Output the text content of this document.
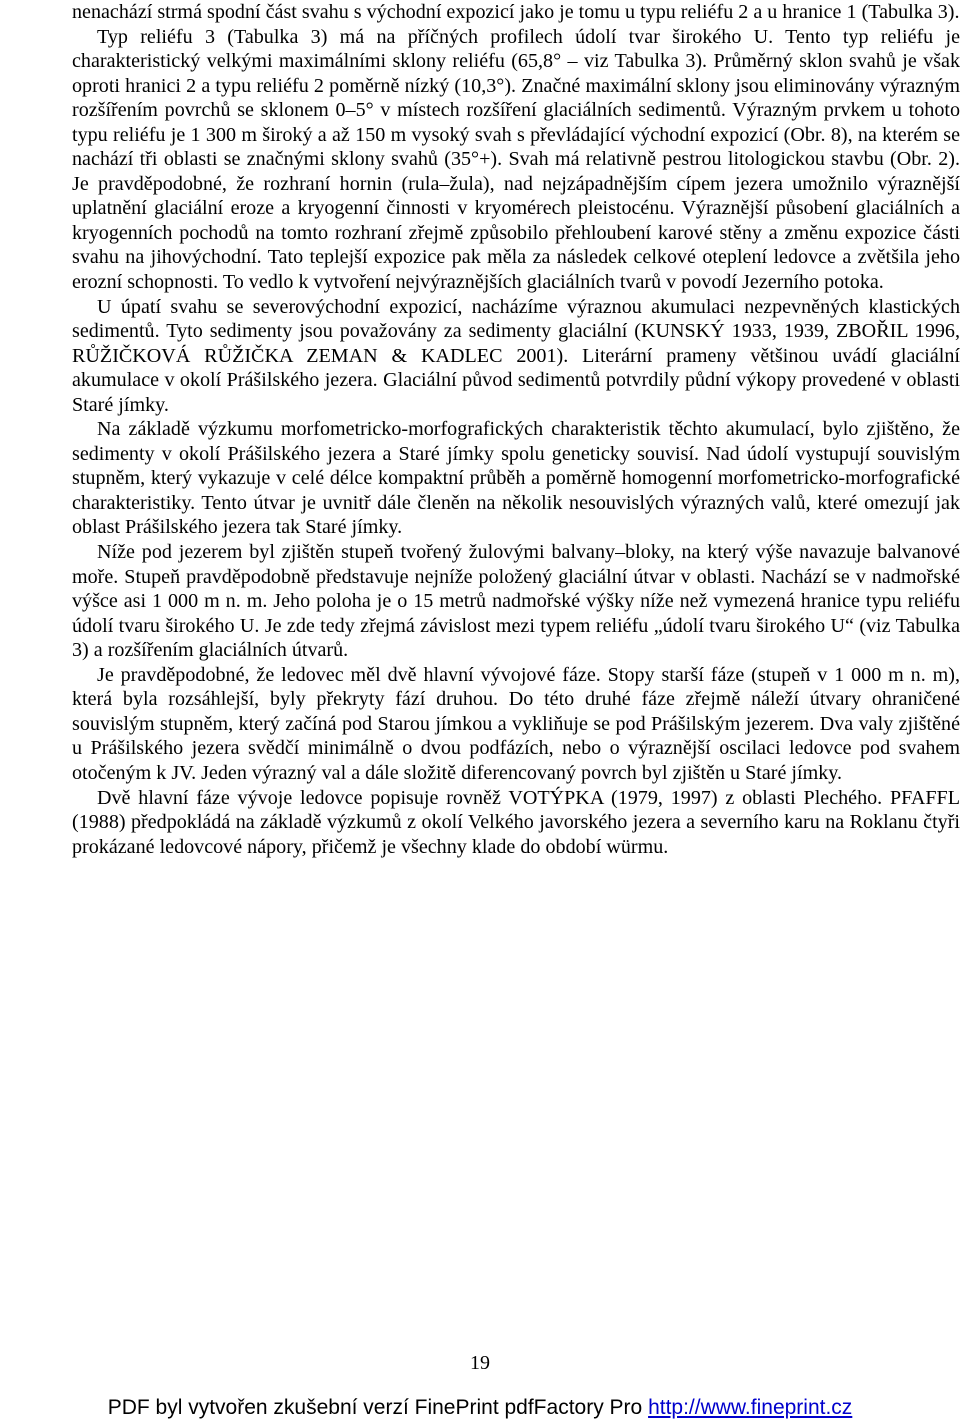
nenachází strmá spodní část svahu s východní expozicí jako je tomu u typu reliéfu 2 a u hranice 1 (Tabulka 3).

Typ reliéfu 3 (Tabulka 3) má na příčných profilech údolí tvar širokého U. Tento typ reliéfu je charakteristický velkými maximálními sklony reliéfu (65,8° – viz Tabulka 3). Průměrný sklon svahů je však oproti hranici 2 a typu reliéfu 2 poměrně nízký (10,3°). Značné maximální sklony jsou eliminovány výrazným rozšířením povrchů se sklonem 0–5° v místech rozšíření glaciálních sedimentů. Výrazným prvkem u tohoto typu reliéfu je 1 300 m široký a až 150 m vysoký svah s převládající východní expozicí (Obr. 8), na kterém se nachází tři oblasti se značnými sklony svahů (35°+). Svah má relativně pestrou litologickou stavbu (Obr. 2). Je pravděpodobné, že rozhraní hornin (rula–žula), nad nejzápadnějším cípem jezera umožnilo výraznější uplatnění glaciální eroze a kryogenní činnosti v kryomérech pleistocénu. Výraznější působení glaciálních a kryogenních pochodů na tomto rozhraní zřejmě způsobilo přehloubení karové stěny a změnu expozice části svahu na jihovýchodní. Tato teplejší expozice pak měla za následek celkové oteplení ledovce a zvětšila jeho erozní schopnosti. To vedlo k vytvoření nejvýraznějších glaciálních tvarů v povodí Jezerního potoka.

U úpatí svahu se severovýchodní expozicí, nacházíme výraznou akumulaci nezpevněných klastických sedimentů. Tyto sedimenty jsou považovány za sedimenty glaciální (KUNSKÝ 1933, 1939, ZBOŘIL 1996, RŮŽIČKOVÁ RŮŽIČKA ZEMAN & KADLEC 2001). Literární prameny většinou uvádí glaciální akumulace v okolí Prášilského jezera. Glaciální původ sedimentů potvrdily půdní výkopy provedené v oblasti Staré jímky.

Na základě výzkumu morfometricko-morfografických charakteristik těchto akumulací, bylo zjištěno, že sedimenty v okolí Prášilského jezera a Staré jímky spolu geneticky souvisí. Nad údolí vystupují souvislým stupněm, který vykazuje v celé délce kompaktní průběh a poměrně homogenní morfometricko-morfografické charakteristiky. Tento útvar je uvnitř dále členěn na několik nesouvislých výrazných valů, které omezují jak oblast Prášilského jezera tak Staré jímky.

Níže pod jezerem byl zjištěn stupeň tvořený žulovými balvany–bloky, na který výše navazuje balvanové moře. Stupeň pravděpodobně představuje nejníže položený glaciální útvar v oblasti. Nachází se v nadmořské výšce asi 1 000 m n. m. Jeho poloha je o 15 metrů nadmořské výšky níže než vymezená hranice typu reliéfu údolí tvaru širokého U. Je zde tedy zřejmá závislost mezi typem reliéfu „údolí tvaru širokého U“ (viz Tabulka 3) a rozšířením glaciálních útvarů.

Je pravděpodobné, že ledovec měl dvě hlavní vývojové fáze. Stopy starší fáze (stupeň v 1 000 m n. m), která byla rozsáhlejší, byly překryty fází druhou. Do této druhé fáze zřejmě náleží útvary ohraničené souvislým stupněm, který začíná pod Starou jímkou a vykliňuje se pod Prášilským jezerem. Dva valy zjištěné u Prášilského jezera svědčí minimálně o dvou podfázích, nebo o výraznější oscilaci ledovce pod svahem otočeným k JV. Jeden výrazný val a dále složitě diferencovaný povrch byl zjištěn u Staré jímky.

Dvě hlavní fáze vývoje ledovce popisuje rovněž VOTÝPKA (1979, 1997) z oblasti Plechého. PFAFFL (1988) předpokládá na základě výzkumů z okolí Velkého javorského jezera a severního karu na Roklanu čtyři prokázané ledovcové nápory, přičemž je všechny klade do období würmu.

19
PDF byl vytvořen zkušební verzí FinePrint pdfFactory Pro http://www.fineprint.cz
